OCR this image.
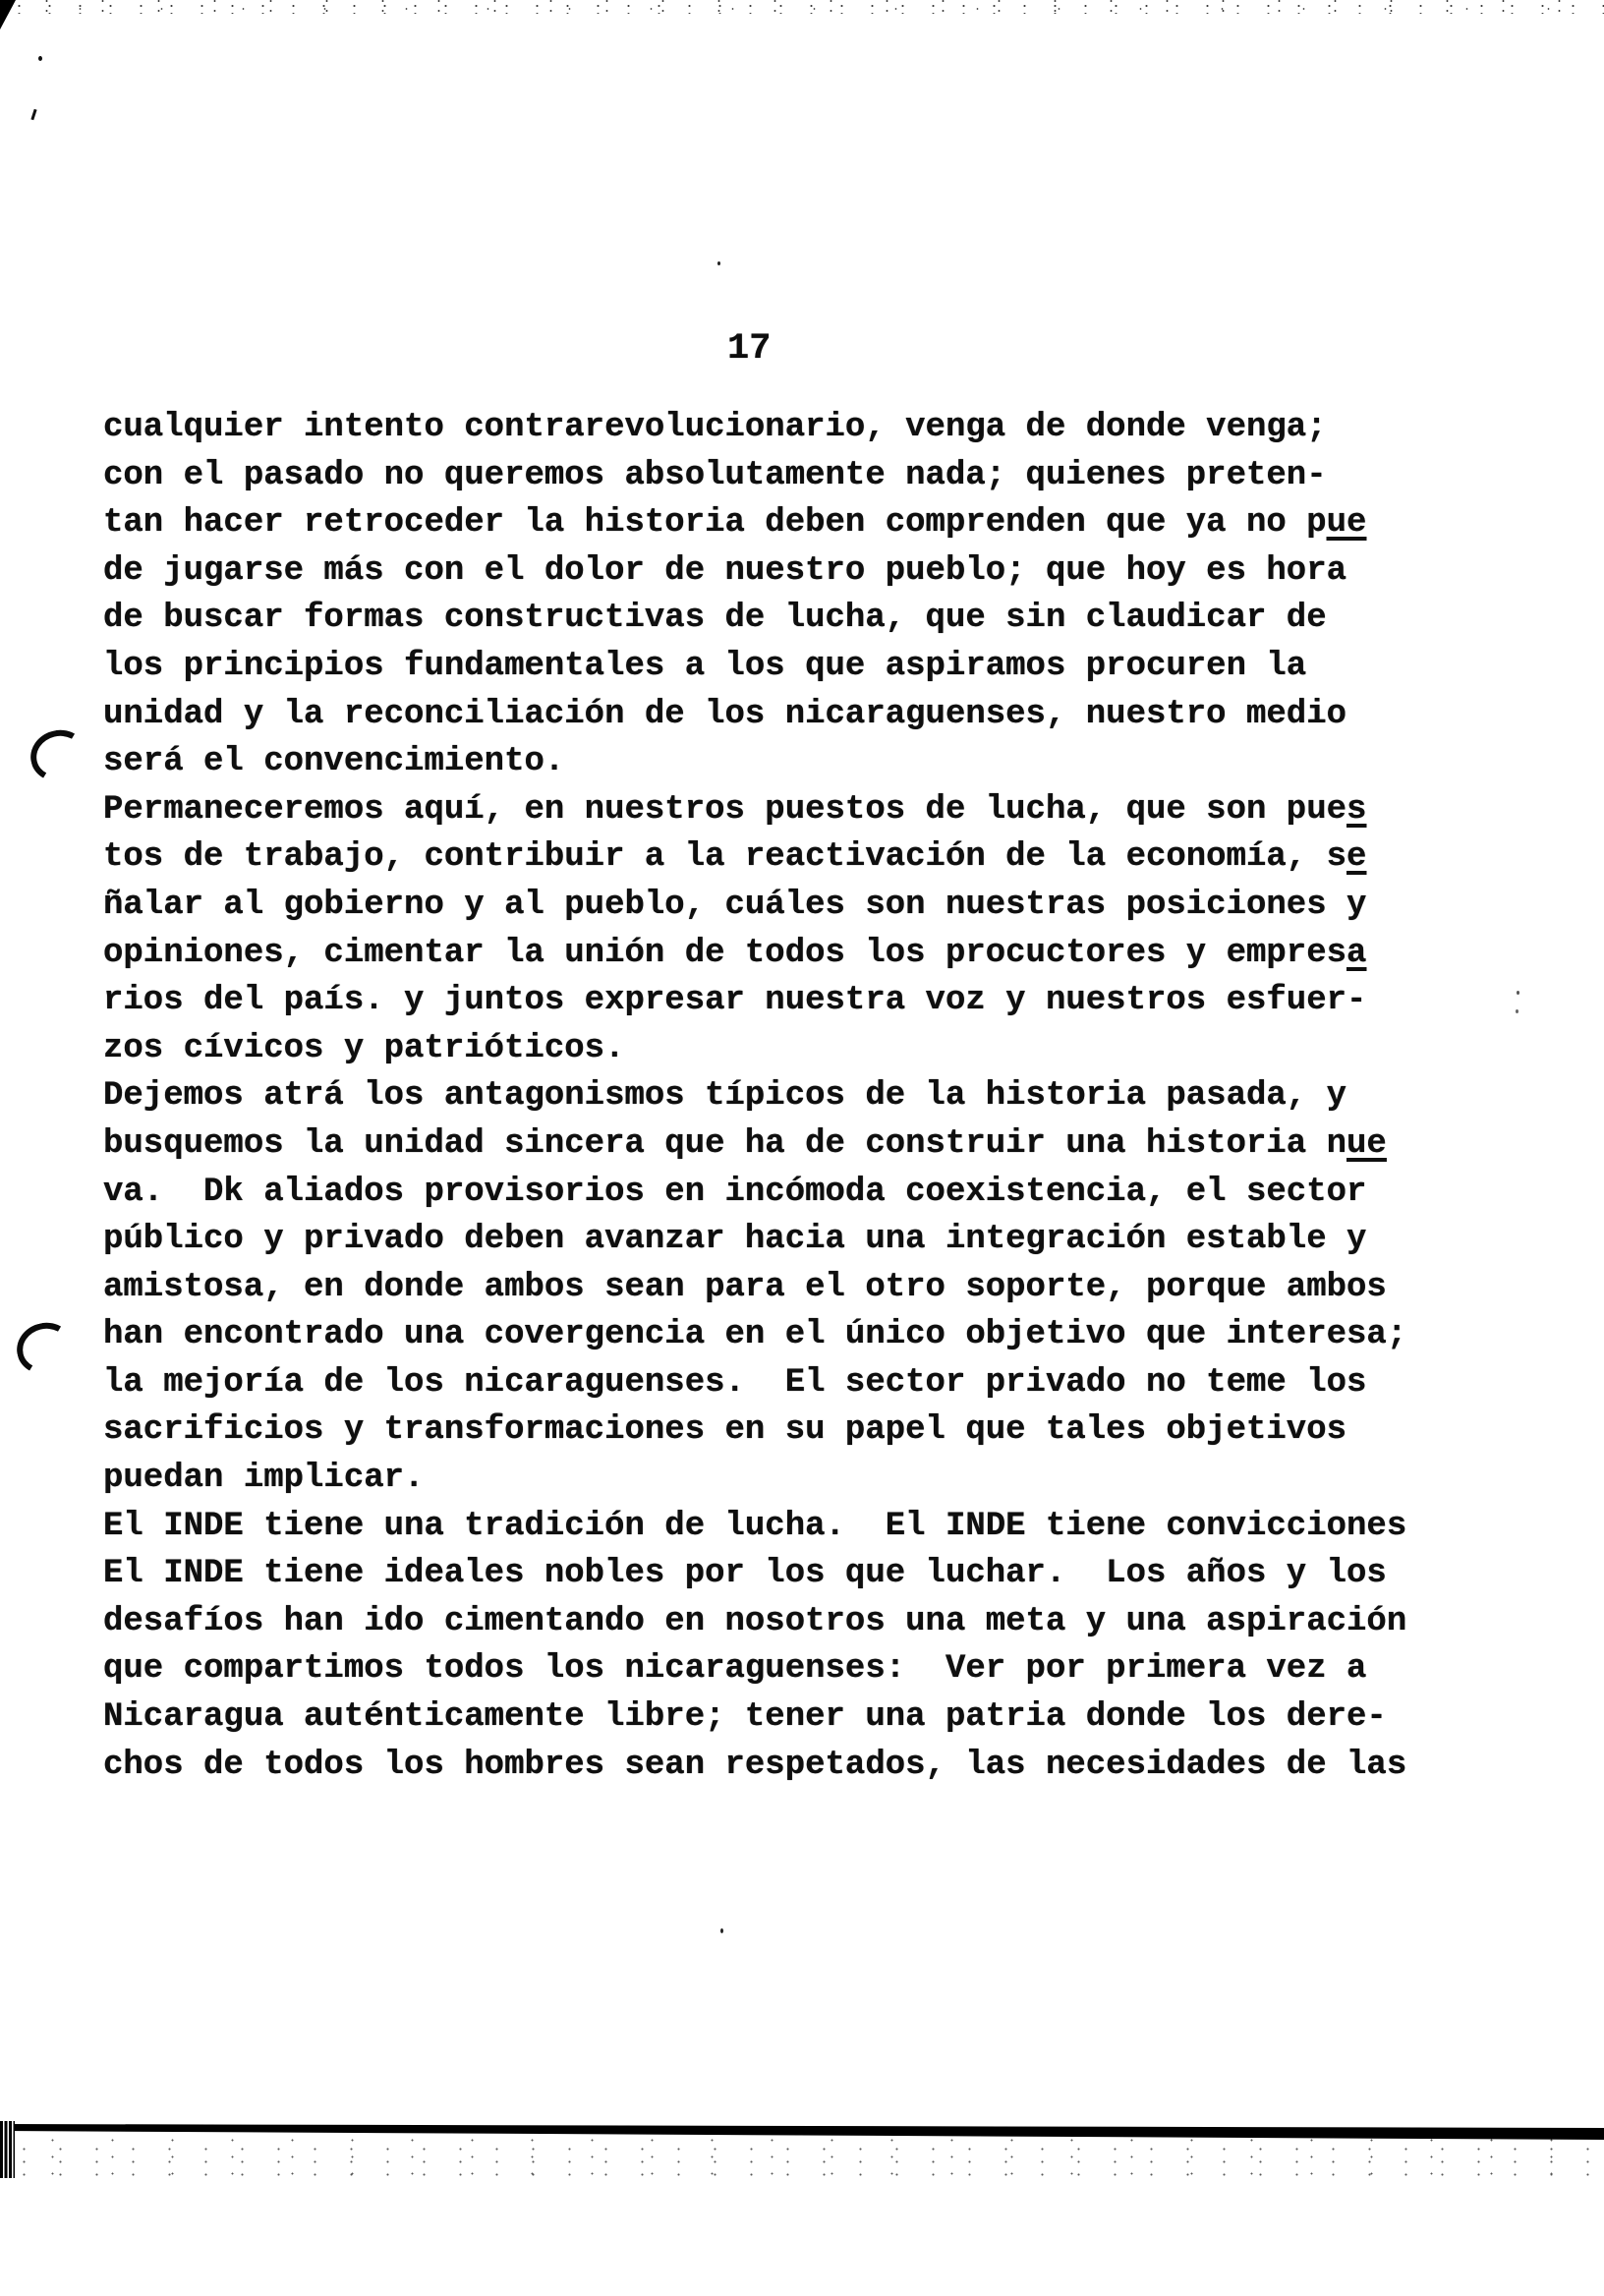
17
cualquier intento contrarevolucionario, venga de donde venga;
con el pasado no queremos absolutamente nada; quienes preten-
tan hacer retroceder la historia deben comprenden que ya no pue
de jugarse más con el dolor de nuestro pueblo; que hoy es hora
de buscar formas constructivas de lucha, que sin claudicar de
los principios fundamentales a los que aspiramos procuren la
unidad y la reconciliación de los nicaraguenses, nuestro medio
será el convencimiento.
Permaneceremos aquí, en nuestros puestos de lucha, que son pues
tos de trabajo, contribuir a la reactivación de la economía, se
ñalar al gobierno y al pueblo, cuáles son nuestras posiciones y
opiniones, cimentar la unión de todos los procuctores y empresa
rios del país. y juntos expresar nuestra voz y nuestros esfuer-
zos cívicos y patrióticos.
Dejemos atrá los antagonismos típicos de la historia pasada, y
busquemos la unidad sincera que ha de construir una historia nue
va.  Dk aliados provisorios en incómoda coexistencia, el sector
público y privado deben avanzar hacia una integración estable y
amistosa, en donde ambos sean para el otro soporte, porque ambos
han encontrado una covergencia en el único objetivo que interesa;
la mejoría de los nicaraguenses.  El sector privado no teme los
sacrificios y transformaciones en su papel que tales objetivos
puedan implicar.
El INDE tiene una tradición de lucha.  El INDE tiene convicciones
El INDE tiene ideales nobles por los que luchar.  Los años y los
desafíos han ido cimentando en nosotros una meta y una aspiración
que compartimos todos los nicaraguenses:  Ver por primera vez a
Nicaragua auténticamente libre; tener una patria donde los dere-
chos de todos los hombres sean respetados, las necesidades de las
